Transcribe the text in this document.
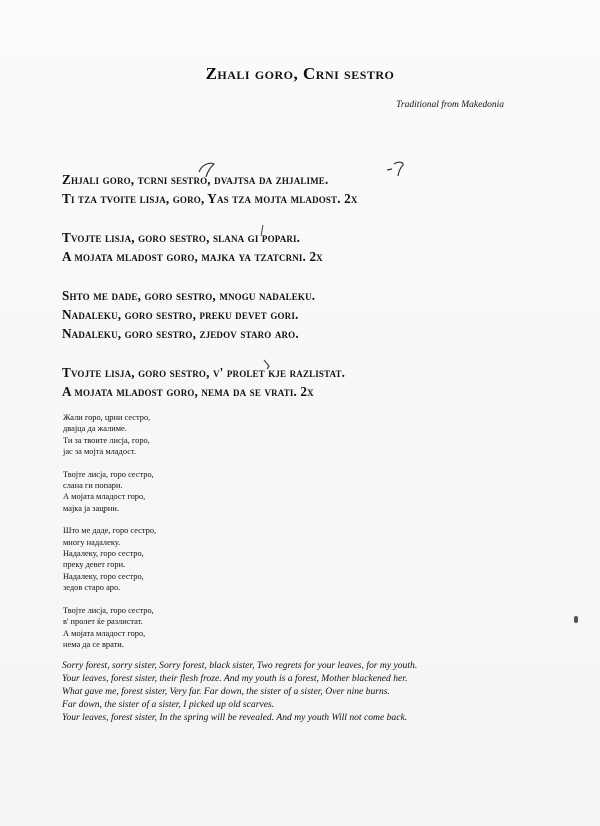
Zhali goro, Crni sestro
Traditional from Makedonia
Zhjali goro, tcrni sestro, dvajtsa da zhjalime.
Ti tza tvoite lisja, goro, Yas tza mojta mladost. 2x
Tvojte lisja, goro sestro, slana gi popari.
A mojata mladost goro, majka ya tzatcrni. 2x
Shto me dade, goro sestro, mnogu nadaleku.
Nadaleku, goro sestro, preku devet gori.
Nadaleku, goro sestro, zjedov staro aro.
Tvojte lisja, goro sestro, v' prolet kje razlistat.
A mojata mladost goro, nema da se vrati. 2x
Жали горо, црни сестро,
двајца да жалиме.
Ти за твоите лисја, горо,
јас за мојта младост.
Твојте лисја, горо сестро,
слана ги попари.
А мојата младост горо,
мајка ја зацрни.
Што ме даде, горо сестро,
многу надалеку.
Надалеку, горо сестро,
преку девет гори.
Надалеку, горо сестро,
зедов старо аро.
Твојте лисја, горо сестро,
в' пролет ќе разлистат.
А мојата младост горо,
нема да се врати.
Sorry forest, sorry sister, Sorry forest, black sister, Two regrets for your leaves, for my youth.
Your leaves, forest sister, their flesh froze. And my youth is a forest, Mother blackened her.
What gave me, forest sister, Very far. Far down, the sister of a sister, Over nine burns.
Far down, the sister of a sister, I picked up old scarves.
Your leaves, forest sister, In the spring will be revealed. And my youth Will not come back.
